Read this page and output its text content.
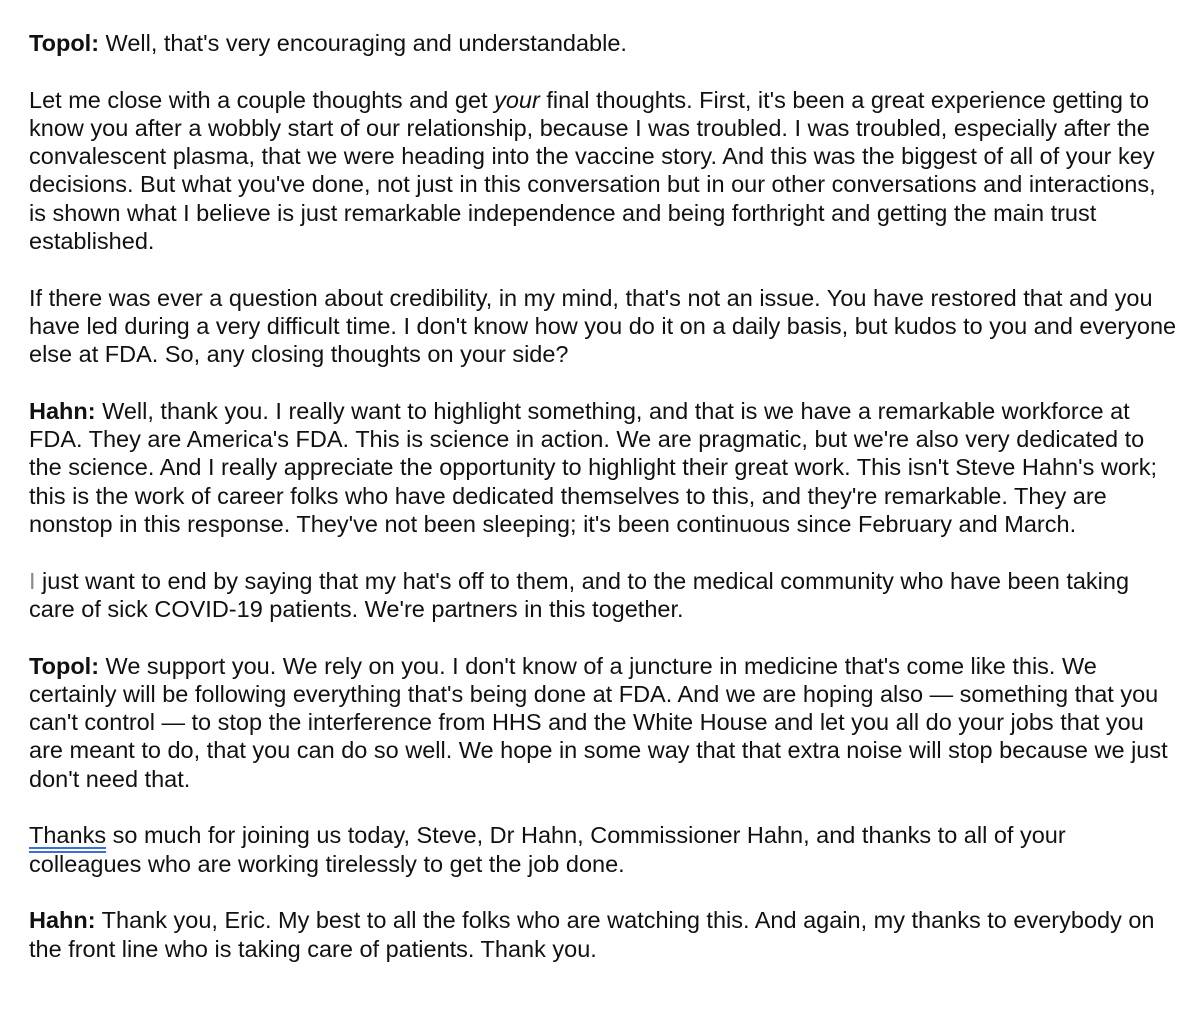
Topol: Well, that's very encouraging and understandable.

Let me close with a couple thoughts and get your final thoughts. First, it's been a great experience getting to know you after a wobbly start of our relationship, because I was troubled. I was troubled, especially after the convalescent plasma, that we were heading into the vaccine story. And this was the biggest of all of your key decisions. But what you've done, not just in this conversation but in our other conversations and interactions, is shown what I believe is just remarkable independence and being forthright and getting the main trust established.

If there was ever a question about credibility, in my mind, that's not an issue. You have restored that and you have led during a very difficult time. I don't know how you do it on a daily basis, but kudos to you and everyone else at FDA. So, any closing thoughts on your side?

Hahn: Well, thank you. I really want to highlight something, and that is we have a remarkable workforce at FDA. They are America's FDA. This is science in action. We are pragmatic, but we're also very dedicated to the science. And I really appreciate the opportunity to highlight their great work. This isn't Steve Hahn's work; this is the work of career folks who have dedicated themselves to this, and they're remarkable. They are nonstop in this response. They've not been sleeping; it's been continuous since February and March.

I just want to end by saying that my hat's off to them, and to the medical community who have been taking care of sick COVID-19 patients. We're partners in this together.

Topol: We support you. We rely on you. I don't know of a juncture in medicine that's come like this. We certainly will be following everything that's being done at FDA. And we are hoping also — something that you can't control — to stop the interference from HHS and the White House and let you all do your jobs that you are meant to do, that you can do so well. We hope in some way that that extra noise will stop because we just don't need that.

Thanks so much for joining us today, Steve, Dr Hahn, Commissioner Hahn, and thanks to all of your colleagues who are working tirelessly to get the job done.

Hahn: Thank you, Eric. My best to all the folks who are watching this. And again, my thanks to everybody on the front line who is taking care of patients. Thank you.
